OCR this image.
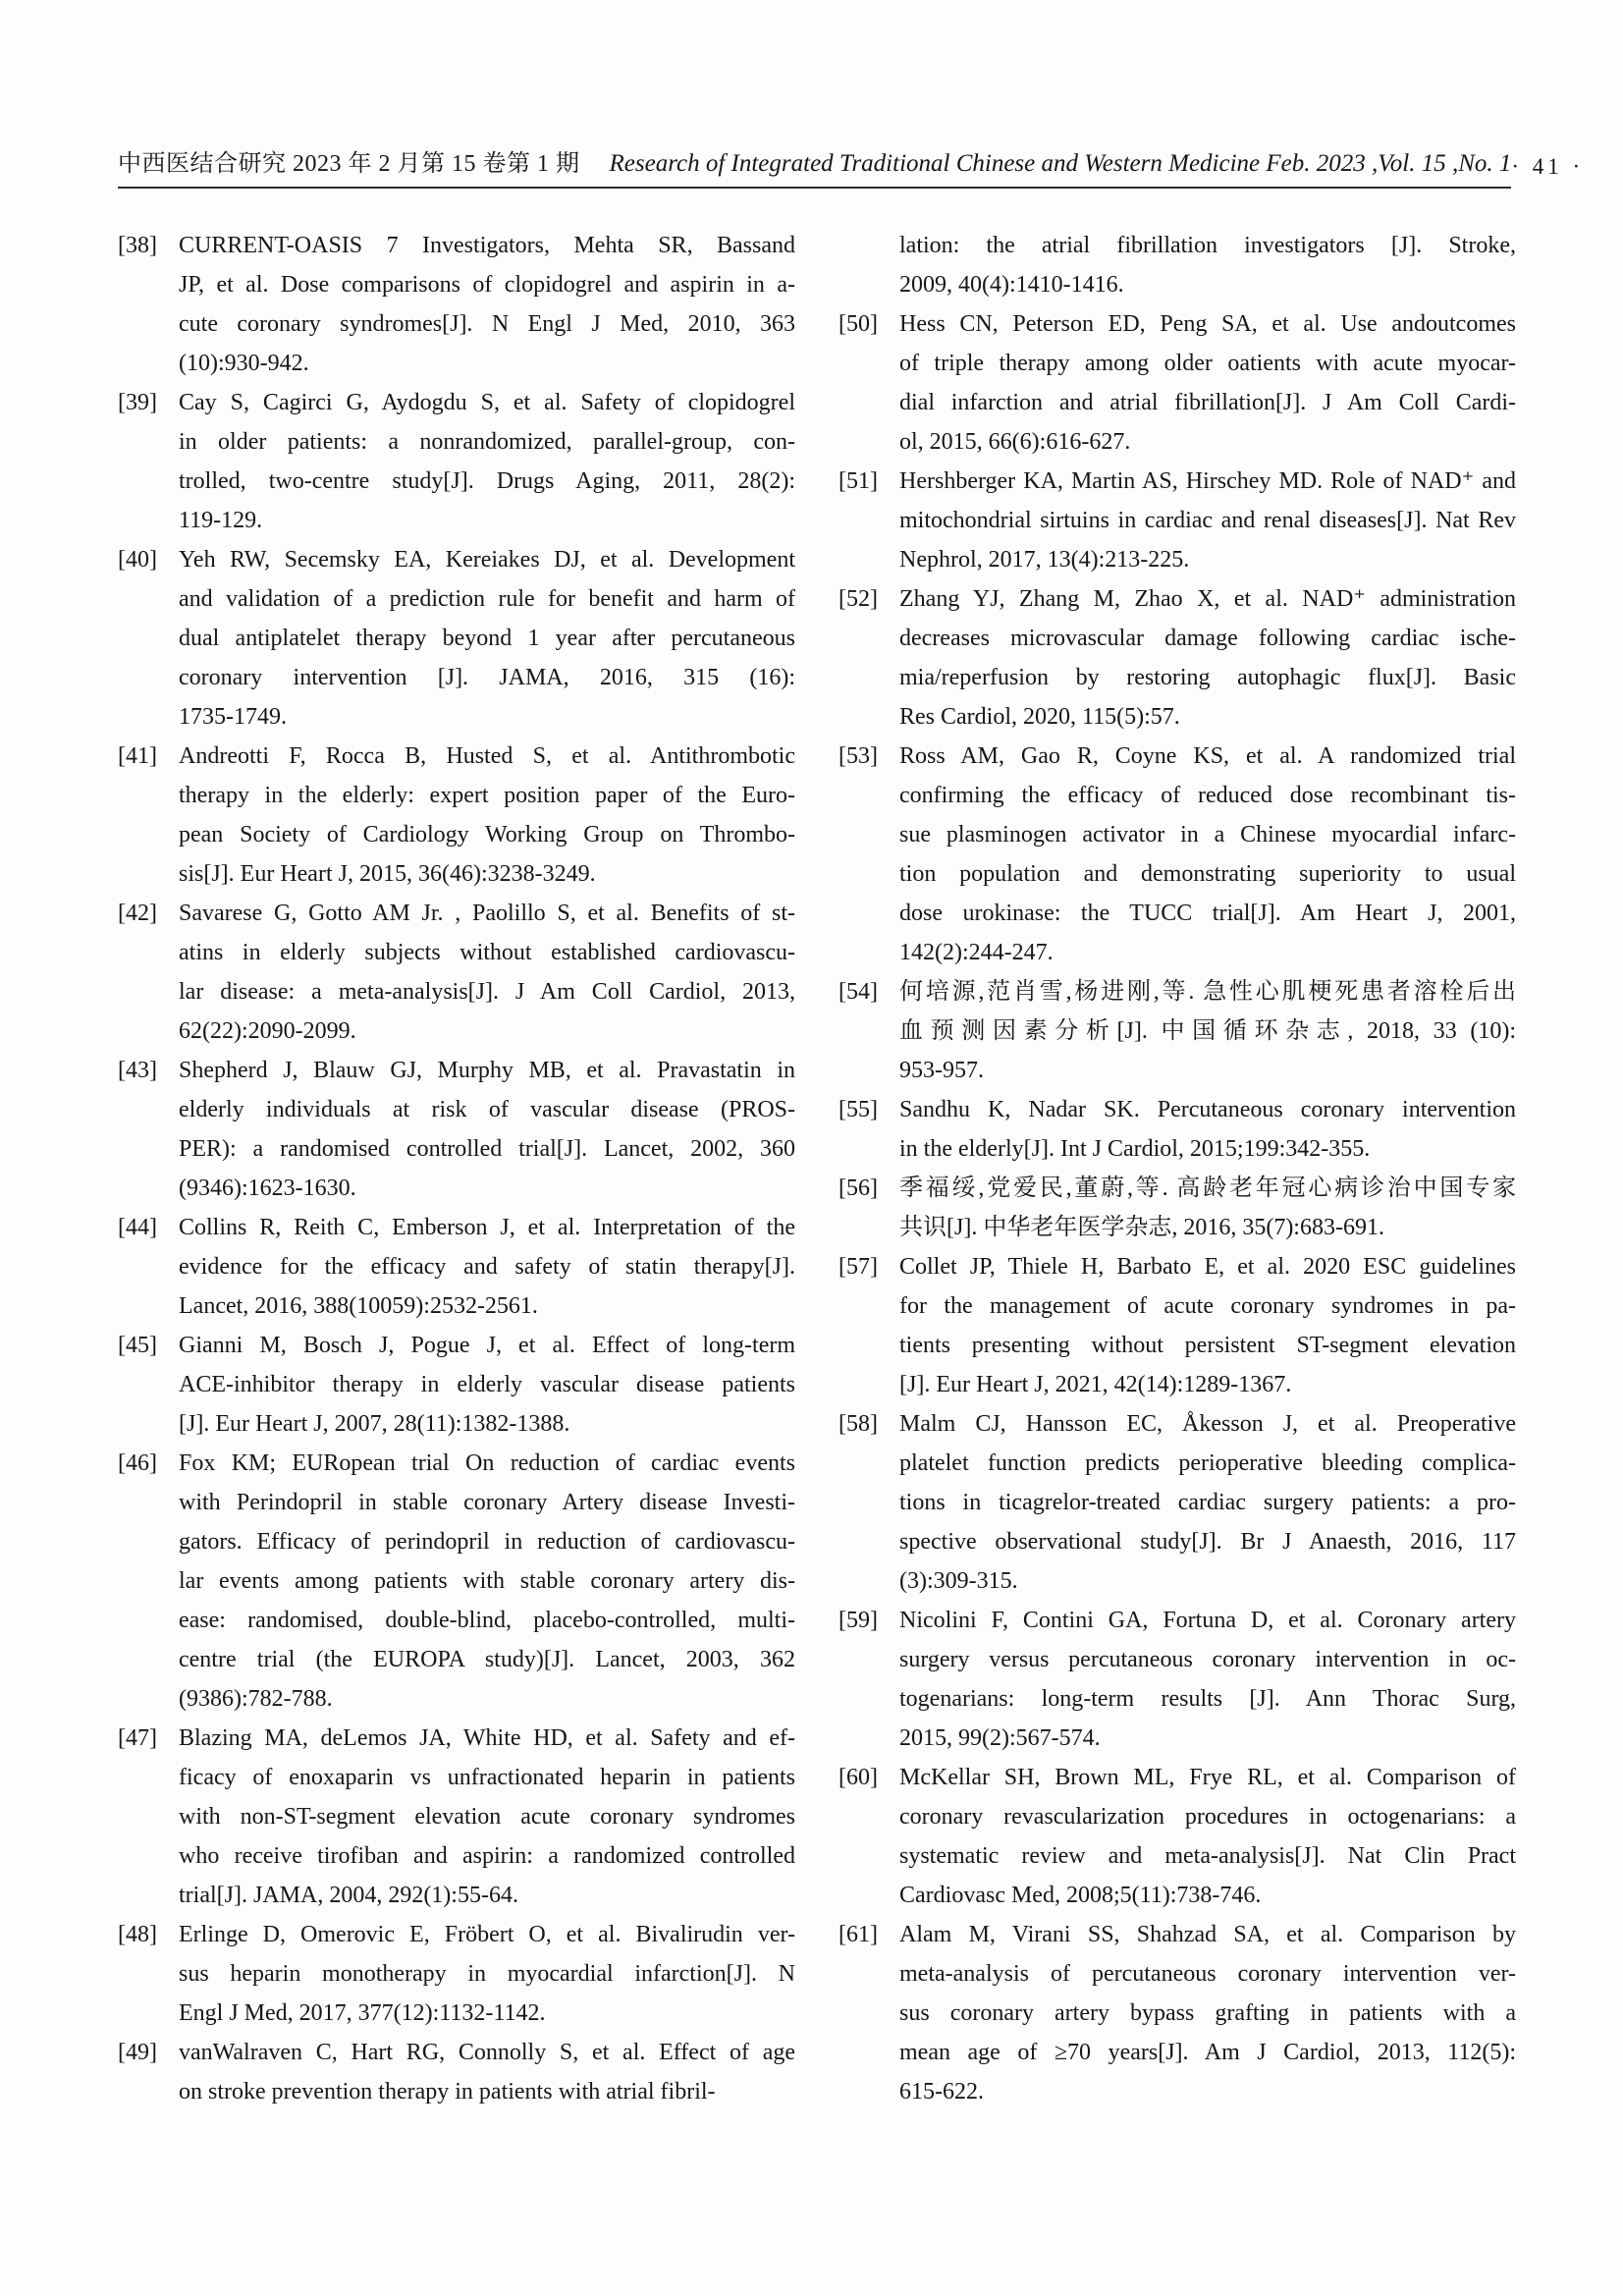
中西医结合研究 2023 年 2 月第 15 卷第 1 期 Research of Integrated Traditional Chinese and Western Medicine Feb. 2023 ,Vol. 15 ,No. 1 · 41 ·
[38] CURRENT-OASIS 7 Investigators, Mehta SR, Bassand
JP, et al. Dose comparisons of clopidogrel and aspirin in a-
cute coronary syndromes[J]. N Engl J Med, 2010, 363
(10):930-942.
[39] Cay S, Cagirci G, Aydogdu S, et al. Safety of clopidogrel
in older patients: a nonrandomized, parallel-group, con-
trolled, two-centre study[J]. Drugs Aging, 2011, 28(2):
119-129.
[40] Yeh RW, Secemsky EA, Kereiakes DJ, et al. Development
and validation of a prediction rule for benefit and harm of
dual antiplatelet therapy beyond 1 year after percutaneous
coronary intervention [J]. JAMA, 2016, 315 (16):
1735-1749.
[41] Andreotti F, Rocca B, Husted S, et al. Antithrombotic
therapy in the elderly: expert position paper of the Euro-
pean Society of Cardiology Working Group on Thrombo-
sis[J]. Eur Heart J, 2015, 36(46):3238-3249.
[42] Savarese G, Gotto AM Jr. , Paolillo S, et al. Benefits of st-
atins in elderly subjects without established cardiovascu-
lar disease: a meta-analysis[J]. J Am Coll Cardiol, 2013,
62(22):2090-2099.
[43] Shepherd J, Blauw GJ, Murphy MB, et al. Pravastatin in
elderly individuals at risk of vascular disease (PROS-
PER): a randomised controlled trial[J]. Lancet, 2002, 360
(9346):1623-1630.
[44] Collins R, Reith C, Emberson J, et al. Interpretation of the
evidence for the efficacy and safety of statin therapy[J].
Lancet, 2016, 388(10059):2532-2561.
[45] Gianni M, Bosch J, Pogue J, et al. Effect of long-term
ACE-inhibitor therapy in elderly vascular disease patients
[J]. Eur Heart J, 2007, 28(11):1382-1388.
[46] Fox KM; EURopean trial On reduction of cardiac events
with Perindopril in stable coronary Artery disease Investi-
gators. Efficacy of perindopril in reduction of cardiovascu-
lar events among patients with stable coronary artery dis-
ease: randomised, double-blind, placebo-controlled, multi-
centre trial (the EUROPA study)[J]. Lancet, 2003, 362
(9386):782-788.
[47] Blazing MA, deLemos JA, White HD, et al. Safety and ef-
ficacy of enoxaparin vs unfractionated heparin in patients
with non-ST-segment elevation acute coronary syndromes
who receive tirofiban and aspirin: a randomized controlled
trial[J]. JAMA, 2004, 292(1):55-64.
[48] Erlinge D, Omerovic E, Fröbert O, et al. Bivalirudin ver-
sus heparin monotherapy in myocardial infarction[J]. N
Engl J Med, 2017, 377(12):1132-1142.
[49] vanWalraven C, Hart RG, Connolly S, et al. Effect of age
on stroke prevention therapy in patients with atrial fibril-
lation: the atrial fibrillation investigators [J]. Stroke,
2009, 40(4):1410-1416.
[50] Hess CN, Peterson ED, Peng SA, et al. Use andoutcomes
of triple therapy among older oatients with acute myocar-
dial infarction and atrial fibrillation[J]. J Am Coll Cardi-
ol, 2015, 66(6):616-627.
[51] Hershberger KA, Martin AS, Hirschey MD. Role of NAD⁺ and
mitochondrial sirtuins in cardiac and renal diseases[J]. Nat Rev
Nephrol, 2017, 13(4):213-225.
[52] Zhang YJ, Zhang M, Zhao X, et al. NAD⁺ administration
decreases microvascular damage following cardiac ische-
mia/reperfusion by restoring autophagic flux[J]. Basic
Res Cardiol, 2020, 115(5):57.
[53] Ross AM, Gao R, Coyne KS, et al. A randomized trial
confirming the efficacy of reduced dose recombinant tis-
sue plasminogen activator in a Chinese myocardial infarc-
tion population and demonstrating superiority to usual
dose urokinase: the TUCC trial[J]. Am Heart J, 2001,
142(2):244-247.
[54] 何培源,范肖雪,杨进刚,等. 急性心肌梗死患者溶栓后出
血预测因素分析[J]. 中国循环杂志, 2018, 33 (10):
953-957.
[55] Sandhu K, Nadar SK. Percutaneous coronary intervention
in the elderly[J]. Int J Cardiol, 2015;199:342-355.
[56] 季福绥,党爱民,董蔚,等. 高龄老年冠心病诊治中国专家
共识[J]. 中华老年医学杂志, 2016, 35(7):683-691.
[57] Collet JP, Thiele H, Barbato E, et al. 2020 ESC guidelines
for the management of acute coronary syndromes in pa-
tients presenting without persistent ST-segment elevation
[J]. Eur Heart J, 2021, 42(14):1289-1367.
[58] Malm CJ, Hansson EC, Åkesson J, et al. Preoperative
platelet function predicts perioperative bleeding complica-
tions in ticagrelor-treated cardiac surgery patients: a pro-
spective observational study[J]. Br J Anaesth, 2016, 117
(3):309-315.
[59] Nicolini F, Contini GA, Fortuna D, et al. Coronary artery
surgery versus percutaneous coronary intervention in oc-
togenarians: long-term results [J]. Ann Thorac Surg,
2015, 99(2):567-574.
[60] McKellar SH, Brown ML, Frye RL, et al. Comparison of
coronary revascularization procedures in octogenarians: a
systematic review and meta-analysis[J]. Nat Clin Pract
Cardiovasc Med, 2008;5(11):738-746.
[61] Alam M, Virani SS, Shahzad SA, et al. Comparison by
meta-analysis of percutaneous coronary intervention ver-
sus coronary artery bypass grafting in patients with a
mean age of ≥70 years[J]. Am J Cardiol, 2013, 112(5):
615-622.
